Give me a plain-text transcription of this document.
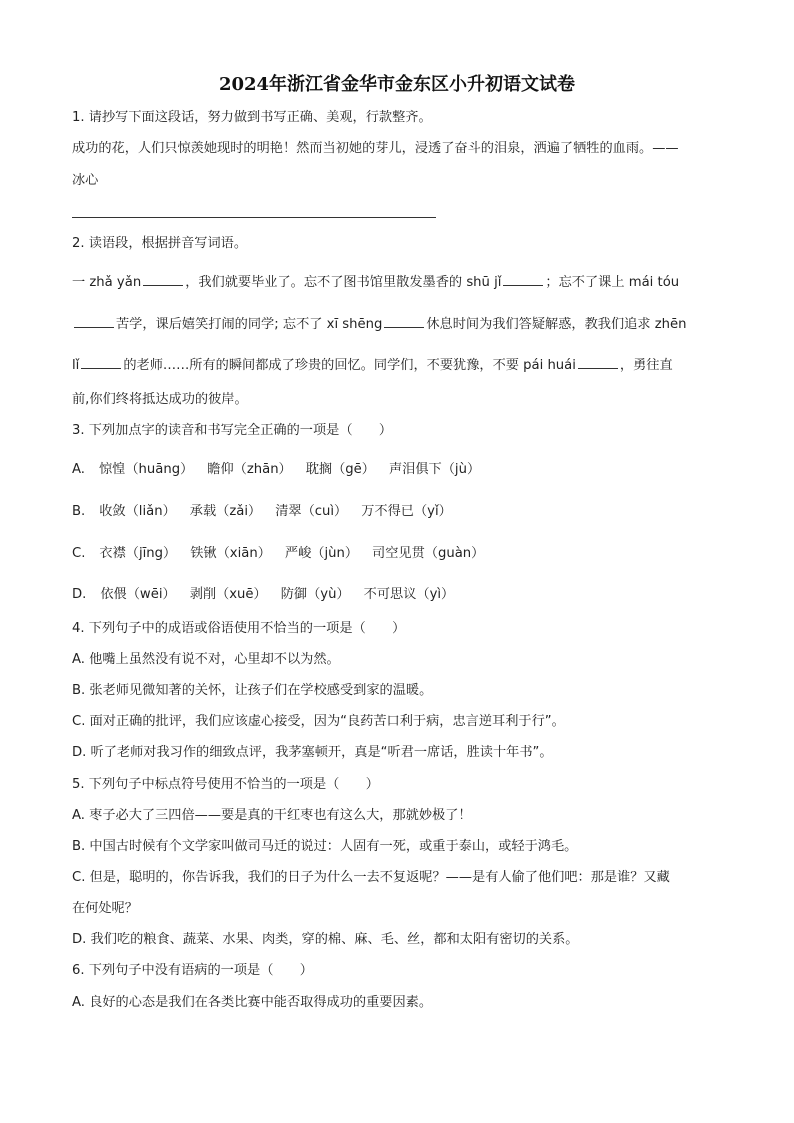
2024年浙江省金华市金东区小升初语文试卷
1. 请抄写下面这段话，努力做到书写正确、美观，行款整齐。
成功的花，人们只惊羡她现时的明艳！然而当初她的芽儿，浸透了奋斗的泪泉，洒遍了牺牲的血雨。——
冰心
2. 读语段，根据拼音写词语。
一 zhǎ yǎn	，我们就要毕业了。忘不了图书馆里散发墨香的 shū jǐ	；忘不了课上 mái tóu
苦学，课后嬉笑打闹的同学; 忘不了 xī shēng	休息时间为我们答疑解惑，教我们追求 zhēn
lǐ	的老师……所有的瞬间都成了珍贵的回忆。同学们，不要犹豫，不要 pái huái	，勇往直
前,你们终将抵达成功的彼岸。
3. 下列加点字的读音和书写完全正确的一项是（　　）
A. 惊惶（huāng） 瞻仰（zhān） 耽搁（gē） 声泪俱下（jù）
B. 收敛（liǎn） 承载（zǎi） 清翠（cuì） 万不得已（yǐ）
C. 衣襟（jīng） 铁锹（xiān） 严峻（jùn） 司空见贯（guàn）
D. 依偎（wēi） 剥削（xuē） 防御（yù） 不可思议（yì）
4. 下列句子中的成语或俗语使用不恰当的一项是（　　）
A. 他嘴上虽然没有说不对，心里却不以为然。
B. 张老师见微知著的关怀，让孩子们在学校感受到家的温暖。
C. 面对正确的批评，我们应该虚心接受，因为“良药苦口利于病，忠言逆耳利于行”。
D. 听了老师对我习作的细致点评，我茅塞顿开，真是“听君一席话，胜读十年书”。
5. 下列句子中标点符号使用不恰当的一项是（　　）
A. 枣子必大了三四倍——要是真的干红枣也有这么大，那就妙极了！
B. 中国古时候有个文学家叫做司马迁的说过：人固有一死，或重于泰山，或轻于鸿毛。
C. 但是，聪明的，你告诉我，我们的日子为什么一去不复返呢？——是有人偷了他们吧：那是谁？又藏
在何处呢？
D. 我们吃的粮食、蔬菜、水果、肉类，穿的棉、麻、毛、丝，都和太阳有密切的关系。
6. 下列句子中没有语病的一项是（　　）
A. 良好的心态是我们在各类比赛中能否取得成功的重要因素。
